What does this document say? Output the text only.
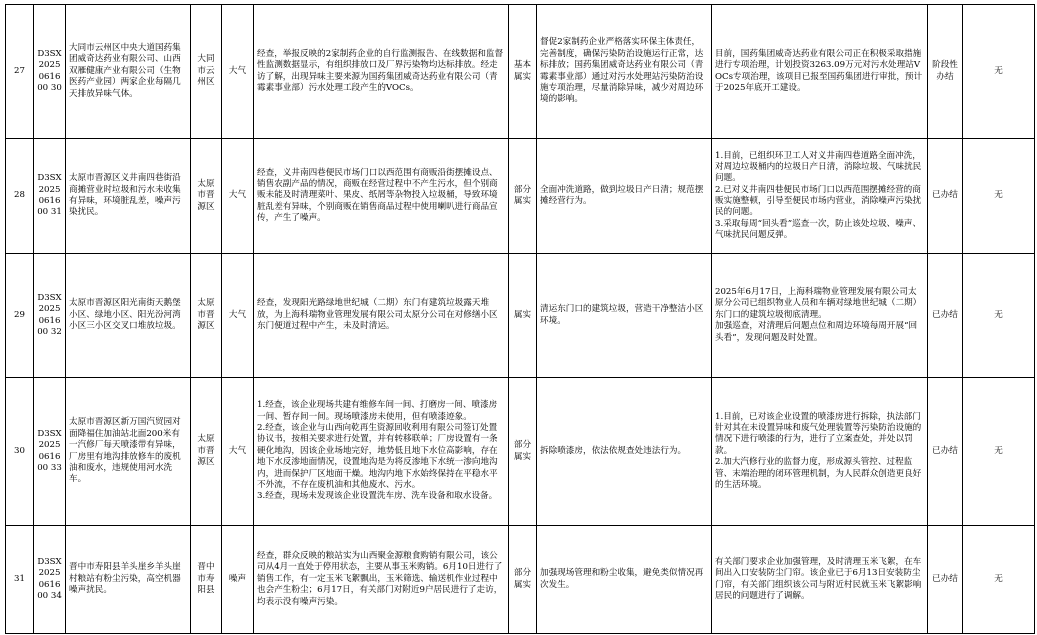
27	D3SX2025061600 30	大同市云州区中央大道国药集团威奇达药业有限公司、山西双雁健康产业有限公司（生物医药产业园）两家企业每隔几天排放异味气体。	大同市云州区	大气	经查，举报反映的2家制药企业的自行监测报告、在线数据和监督性监测数据显示，有组织排放口及厂界污染物均达标排放。经走访了解，出现异味主要来源为国药集团威奇达药业有限公司（青霉素事业部）污水处理工段产生的VOCs。	基本属实	督促2家制药企业严格落实环保主体责任，完善制度，确保污染防治设施运行正常，达标排放；国药集团威奇达药业有限公司（青霉素事业部）通过对污水处理站污染防治设施专项治理，尽量消除异味，减少对周边环境的影响。	目前，国药集团威奇达药业有限公司正在积极采取措施进行专项治理，计划投资3263.09万元对污水处理站VOCs专项治理，该项目已报至国药集团进行审批，预计于2025年底开工建设。	阶段性办结	无
28	D3SX2025061600 31	太原市晋源区义井南四巷街沿商摊营业时垃圾和污水未收集有异味，环境脏乱差，噪声污染扰民。	太原市晋源区	大气	经查，义井南四巷便民市场门口以西范围有商贩沿街摆摊设点、销售农副产品的情况，商贩在经营过程中不产生污水，但个别商贩未能及时清理菜叶、果皮、纸屑等杂物投入垃圾桶，导致环境脏乱差有异味，个别商贩在销售商品过程中使用喇叭进行商品宣传，产生了噪声。	部分属实	全面冲洗道路，做到垃圾日产日清；规范摆摊经营行为。	1.目前，已组织环卫工人对义井南四巷道路全面冲洗，对周边垃圾桶内的垃圾日产日清，消除垃圾、气味扰民问题。
2.已对义井南四巷便民市场门口以西范围摆摊经营的商贩实施整顿，引导至便民市场内营业，消除噪声污染扰民的问题。
3.采取每周“回头看”巡查一次，防止该处垃圾、噪声、气味扰民问题反弹。	已办结	无
29	D3SX2025061600 32	太原市晋源区阳光南街天鹅堡小区、绿地小区、阳光汾河湾小区三小区交叉口堆放垃圾。	太原市晋源区	大气	经查，发现阳光路绿地世纪城（二期）东门有建筑垃圾露天堆放，为上海科瑞物业管理发展有限公司太原分公司在对修缮小区东门便道过程中产生，未及时清运。	属实	清运东门口的建筑垃圾，营造干净整洁小区环境。	2025年6月17日，上海科瑞物业管理发展有限公司太原分公司已组织物业人员和车辆对绿地世纪城（二期）东门口的建筑垃圾彻底清理。
加强巡查，对清理后问题点位和周边环境每周开展“回头看”，发现问题及时处置。	已办结	无
30	D3SX2025061600 33	太原市晋源区新万国汽贸园对面降福住加油站北面200米有一汽修厂每天喷漆带有异味，厂房里有地沟排放修车的废机油和废水，违规使用河水洗车。	太原市晋源区	大气	1.经查，该企业现场共建有维修车间一间、打磨房一间、喷漆房一间、暂存间一间。现场喷漆房未使用，但有喷漆迹象。
2.经查，该企业与山西向乾再生资源回收利用有限公司签订处置协议书，按相关要求进行处置，并有转移联单；厂房设置有一条硬化地沟，因该企业场地完好，地势低且地下水位高影响，存在地下水反渗地面情况，设置地沟是为将反渗地下水统一渗向地沟内，进而保护厂区地面干燥。地沟内地下水始终保持在平稳水平不外流，不存在废机油和其他废水、污水。
3.经查，现场未发现该企业设置洗车房、洗车设备和取水设备。	部分属实	拆除喷漆房，依法依规查处违法行为。	1.目前，已对该企业设置的喷漆房进行拆除，执法部门针对其在未设置异味和废气处理装置等污染防治设施的情况下进行喷漆的行为，进行了立案查处，并处以罚款。
2.加大汽修行业的监督力度，形成源头管控、过程监管、末端治理的闭环管理机制，为人民群众创造更良好的生活环境。	已办结	无
31	D3SX2025061600 34	晋中市寿阳县羊头崖乡羊头崖村粮站有粉尘污染，高空机器噪声扰民。	晋中市寿阳县	噪声	经查，群众反映的粮站实为山西聚金源粮食购销有限公司，该公司从4月一直处于停用状态，主要从事玉米购销。6月10日进行了销售工作，有一定玉米飞絮飘出，玉米筛选、输送机作业过程中也会产生粉尘；6月17日，有关部门对附近9户居民进行了走访，均表示没有噪声污染。	部分属实	加强现场管理和粉尘收集，避免类似情况再次发生。	有关部门要求企业加强管理，及时清理玉米飞絮，在车间出入口安装防尘门帘。该企业已于6月13日安装防尘门帘，有关部门组织该公司与附近村民就玉米飞絮影响居民的问题进行了调解。	已办结	无
